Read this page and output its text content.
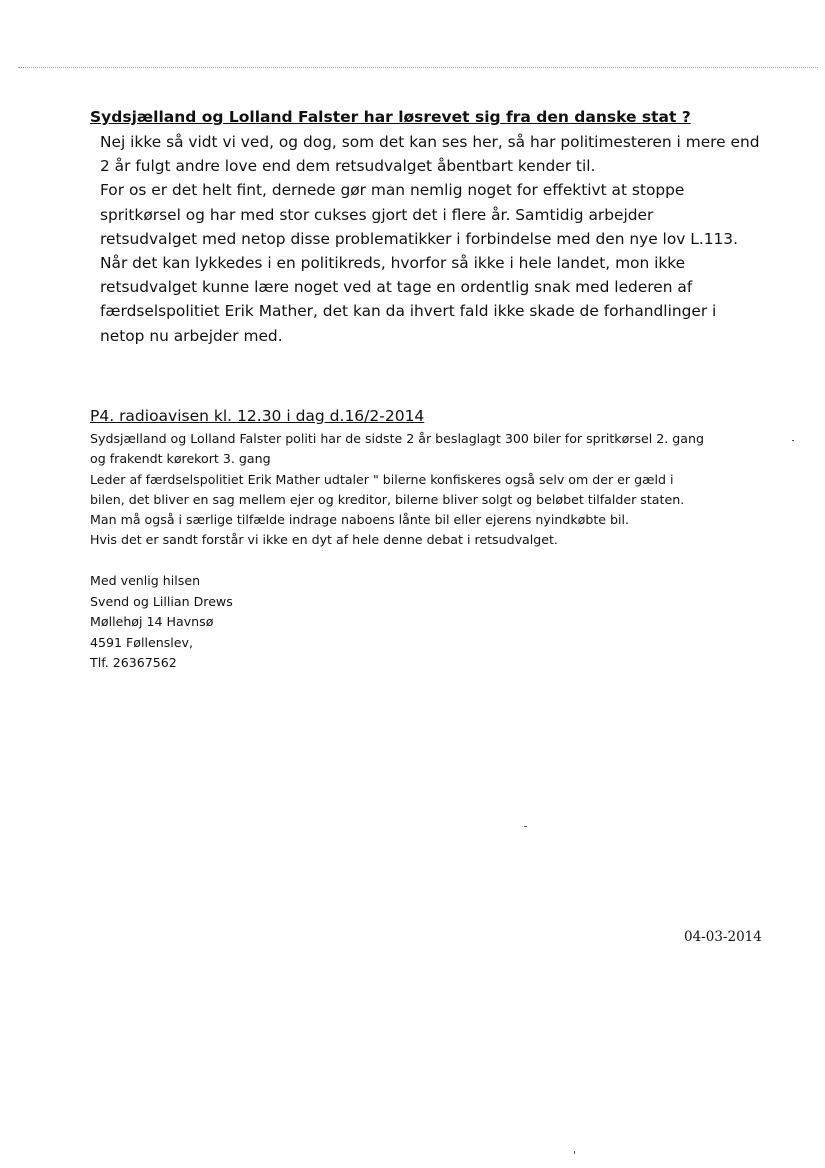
Sydsjælland og Lolland Falster har løsrevet sig fra den danske stat ?
Nej ikke så vidt vi ved, og dog, som det kan ses her, så har politimesteren i mere end
2 år fulgt andre love end dem retsudvalget åbentbart kender til.
For os er det helt fint, dernede gør man nemlig noget for effektivt at stoppe
spritkørsel og har med stor cukses gjort det i flere år. Samtidig arbejder
retsudvalget med netop disse problematikker i forbindelse med den nye lov L.113.
Når det kan lykkedes i en politikreds, hvorfor så ikke i hele landet, mon ikke
retsudvalget kunne lære noget ved at tage en ordentlig snak med lederen af
færdselspolitiet Erik Mather, det kan da ihvert fald ikke skade de forhandlinger i
netop nu arbejder med.
P4. radioavisen kl. 12.30 i dag d.16/2-2014
Sydsjælland og Lolland Falster politi har de sidste 2 år beslaglagt 300 biler for spritkørsel 2. gang
og frakendt kørekort 3. gang
Leder af færdselspolitiet Erik Mather udtaler " bilerne konfiskeres også selv om der er gæld i
bilen, det bliver en sag mellem ejer og kreditor, bilerne bliver solgt og beløbet tilfalder staten.
Man må også i særlige tilfælde indrage naboens lånte bil eller ejerens nyindkøbte bil.
Hvis det er sandt forstår vi ikke en dyt af hele denne debat i retsudvalget.
Med venlig hilsen
Svend og Lillian Drews
Møllehøj 14 Havnsø
4591 Føllenslev,
Tlf. 26367562
04-03-2014
